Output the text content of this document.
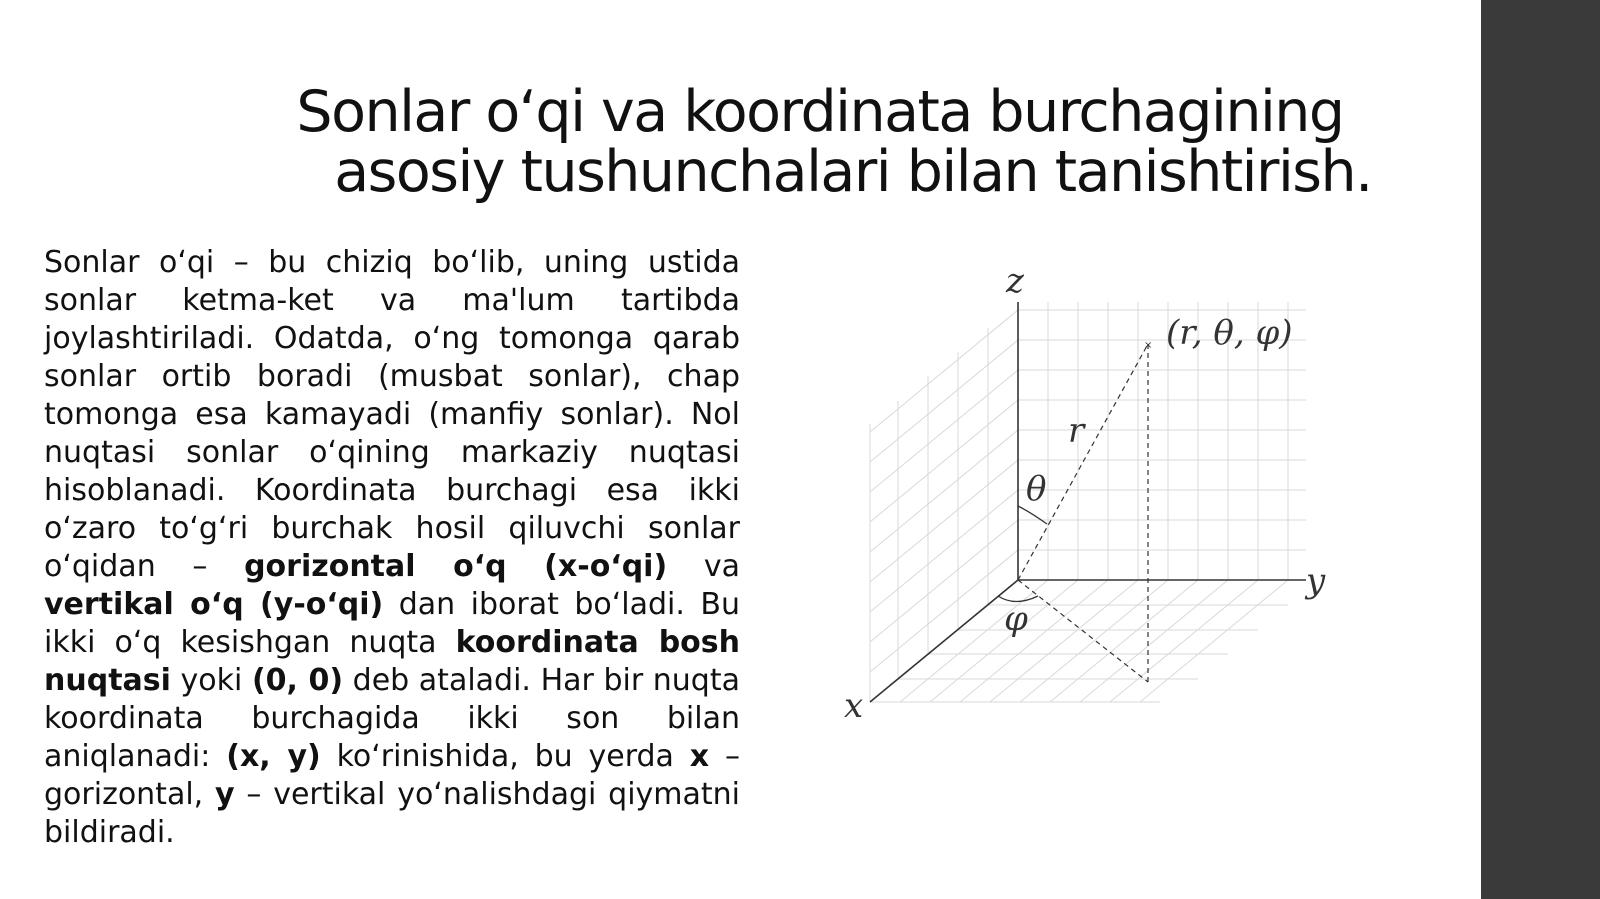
Sonlar o‘qi va koordinata burchagining
asosiy tushunchalari bilan tanishtirish.
Sonlar o‘qi – bu chiziq bo‘lib, uning ustida sonlar ketma-ket va ma'lum tartibda joylashtiriladi. Odatda, o‘ng tomonga qarab sonlar ortib boradi (musbat sonlar), chap tomonga esa kamayadi (manfiy sonlar). Nol nuqtasi sonlar o‘qining markaziy nuqtasi hisoblanadi. Koordinata burchagi esa ikki o‘zaro to‘g‘ri burchak hosil qiluvchi sonlar o‘qidan – gorizontal o‘q (x-o‘qi) va vertikal o‘q (y-o‘qi) dan iborat bo‘ladi. Bu ikki o‘q kesishgan nuqta koordinata bosh nuqtasi yoki (0, 0) deb ataladi. Har bir nuqta koordinata burchagida ikki son bilan aniqlanadi: (x, y) ko‘rinishida, bu yerda x – gorizontal, y – vertikal yo‘nalishdagi qiymatni bildiradi.
×
z
y
x
(r, θ, φ)
r
θ
φ
